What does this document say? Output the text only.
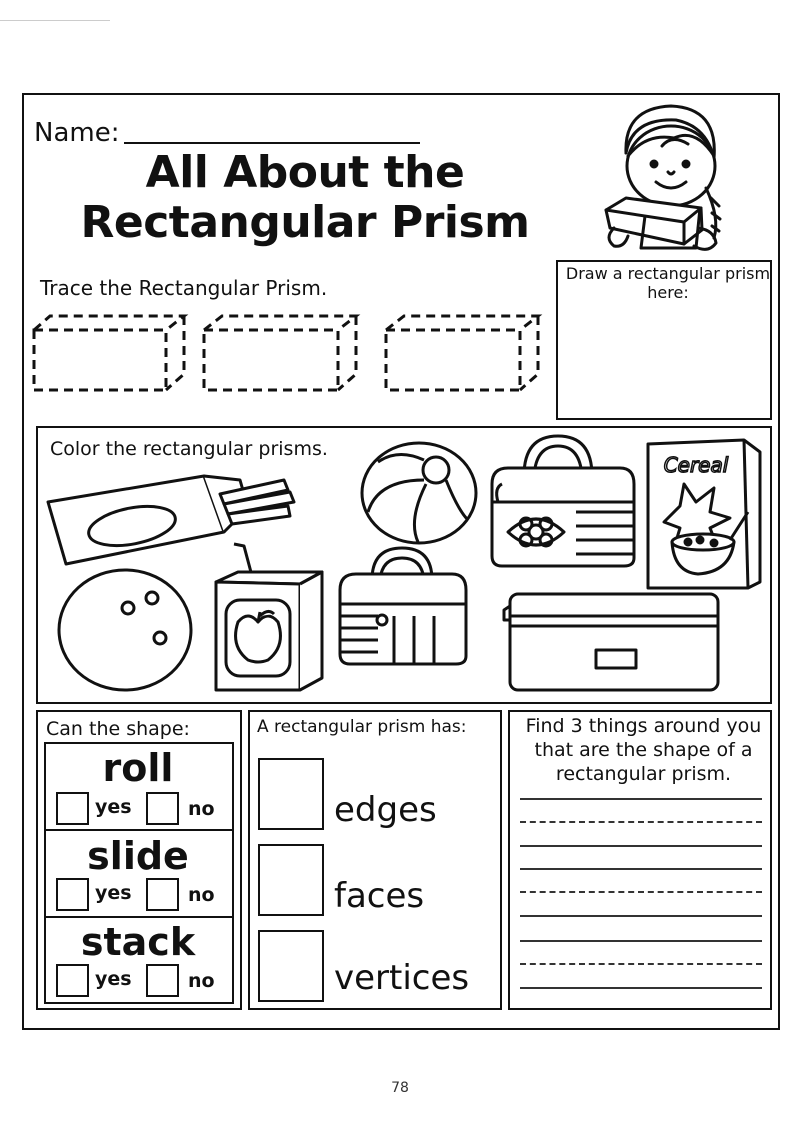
Name:
All About the
Rectangular Prism
Trace the Rectangular Prism.
Draw a rectangular prism here:
Color the rectangular prisms.
Cereal
Can the shape:
roll
yes	no
slide
yes	no
stack
yes	no
A rectangular prism has:
edges
faces
vertices
Find 3 things around you that are the shape of a rectangular prism.
78
